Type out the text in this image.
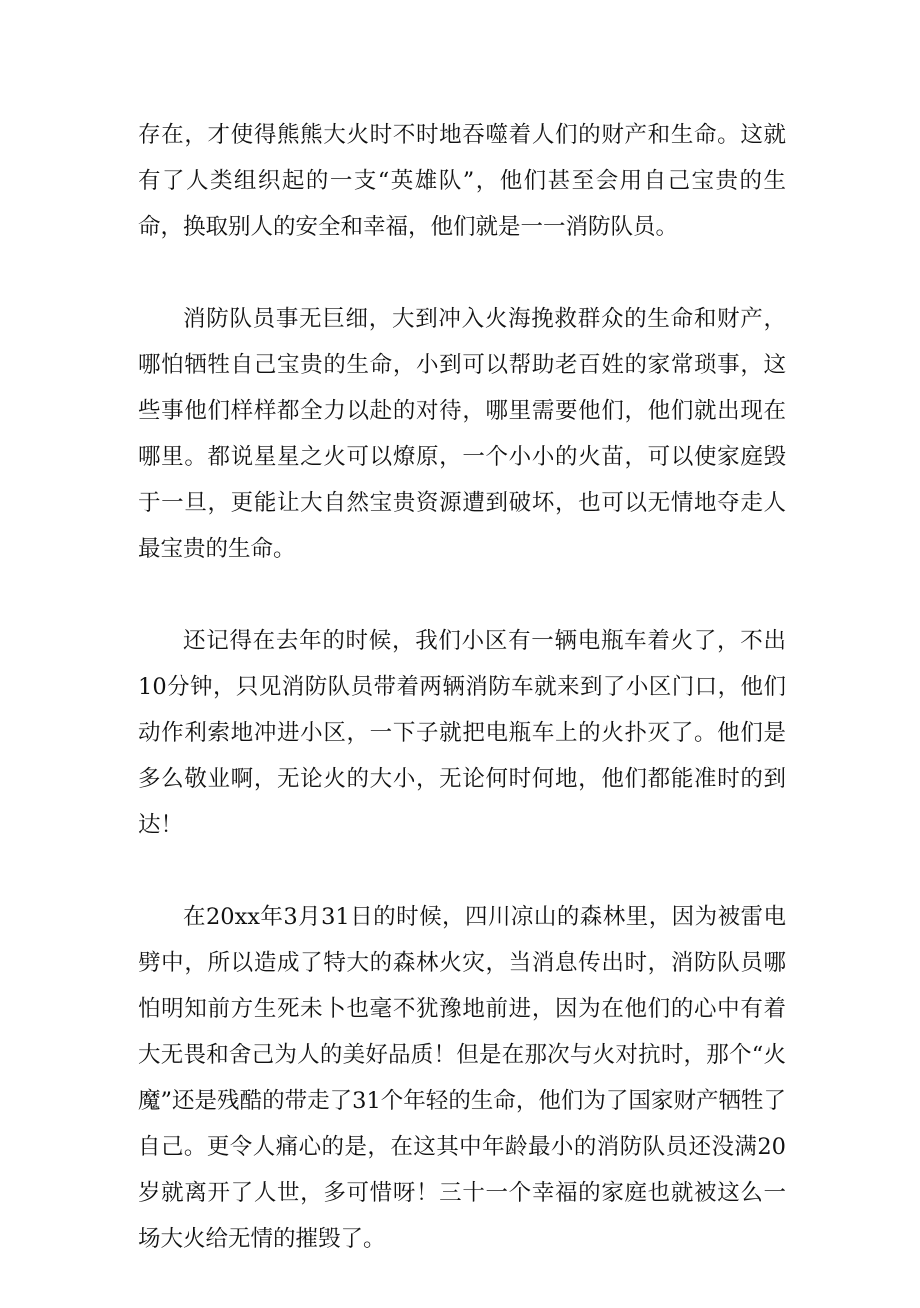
存在，才使得熊熊大火时不时地吞噬着人们的财产和生命。这就有了人类组织起的一支“英雄队”，他们甚至会用自己宝贵的生命，换取别人的安全和幸福，他们就是一一消防队员。

消防队员事无巨细，大到冲入火海挽救群众的生命和财产，哪怕牺牲自己宝贵的生命，小到可以帮助老百姓的家常琐事，这些事他们样样都全力以赴的对待，哪里需要他们，他们就出现在哪里。都说星星之火可以燎原，一个小小的火苗，可以使家庭毁于一旦，更能让大自然宝贵资源遭到破坏，也可以无情地夺走人最宝贵的生命。

还记得在去年的时候，我们小区有一辆电瓶车着火了，不出10分钟，只见消防队员带着两辆消防车就来到了小区门口，他们动作利索地冲进小区，一下子就把电瓶车上的火扑灭了。他们是多么敬业啊，无论火的大小，无论何时何地，他们都能准时的到达！

在20xx年3月31日的时候，四川凉山的森林里，因为被雷电劈中，所以造成了特大的森林火灾，当消息传出时，消防队员哪怕明知前方生死未卜也毫不犹豫地前进，因为在他们的心中有着大无畏和舍己为人的美好品质！但是在那次与火对抗时，那个“火魔”还是残酷的带走了31个年轻的生命，他们为了国家财产牺牲了自己。更令人痛心的是，在这其中年龄最小的消防队员还没满20岁就离开了人世，多可惜呀！三十一个幸福的家庭也就被这么一场大火给无情的摧毁了。
